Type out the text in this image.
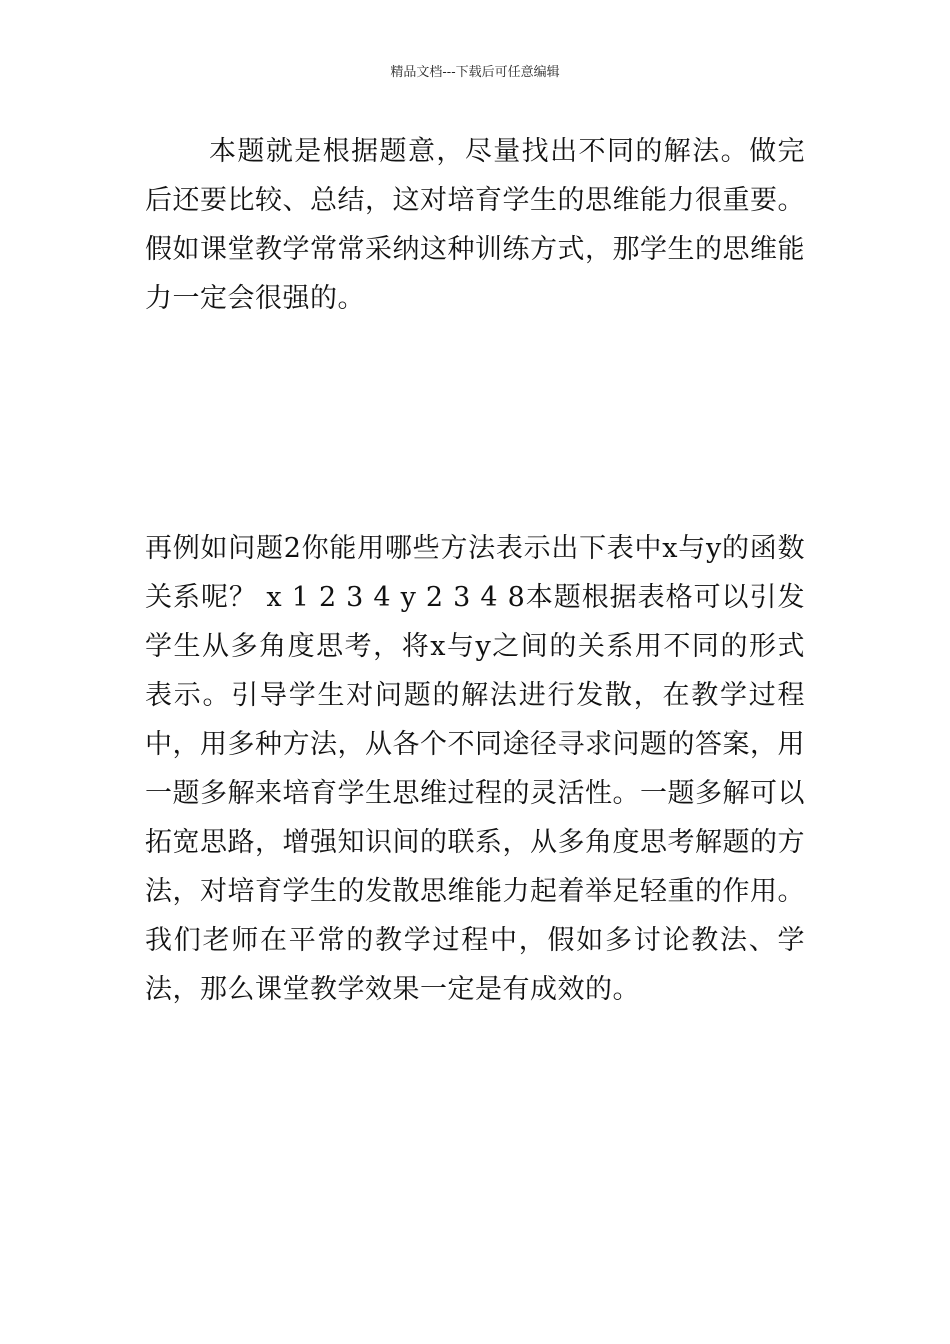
精品文档---下载后可任意编辑

本题就是根据题意，尽量找出不同的解法。做完后还要比较、总结，这对培育学生的思维能力很重要。假如课堂教学常常采纳这种训练方式，那学生的思维能力一定会很强的。

再例如问题2你能用哪些方法表示出下表中x与y的函数关系呢？ x 1 2 3 4 y 2 3 4 8本题根据表格可以引发学生从多角度思考，将x与y之间的关系用不同的形式表示。引导学生对问题的解法进行发散，在教学过程中，用多种方法，从各个不同途径寻求问题的答案，用一题多解来培育学生思维过程的灵活性。一题多解可以拓宽思路，增强知识间的联系，从多角度思考解题的方法，对培育学生的发散思维能力起着举足轻重的作用。我们老师在平常的教学过程中，假如多讨论教法、学法，那么课堂教学效果一定是有成效的。
